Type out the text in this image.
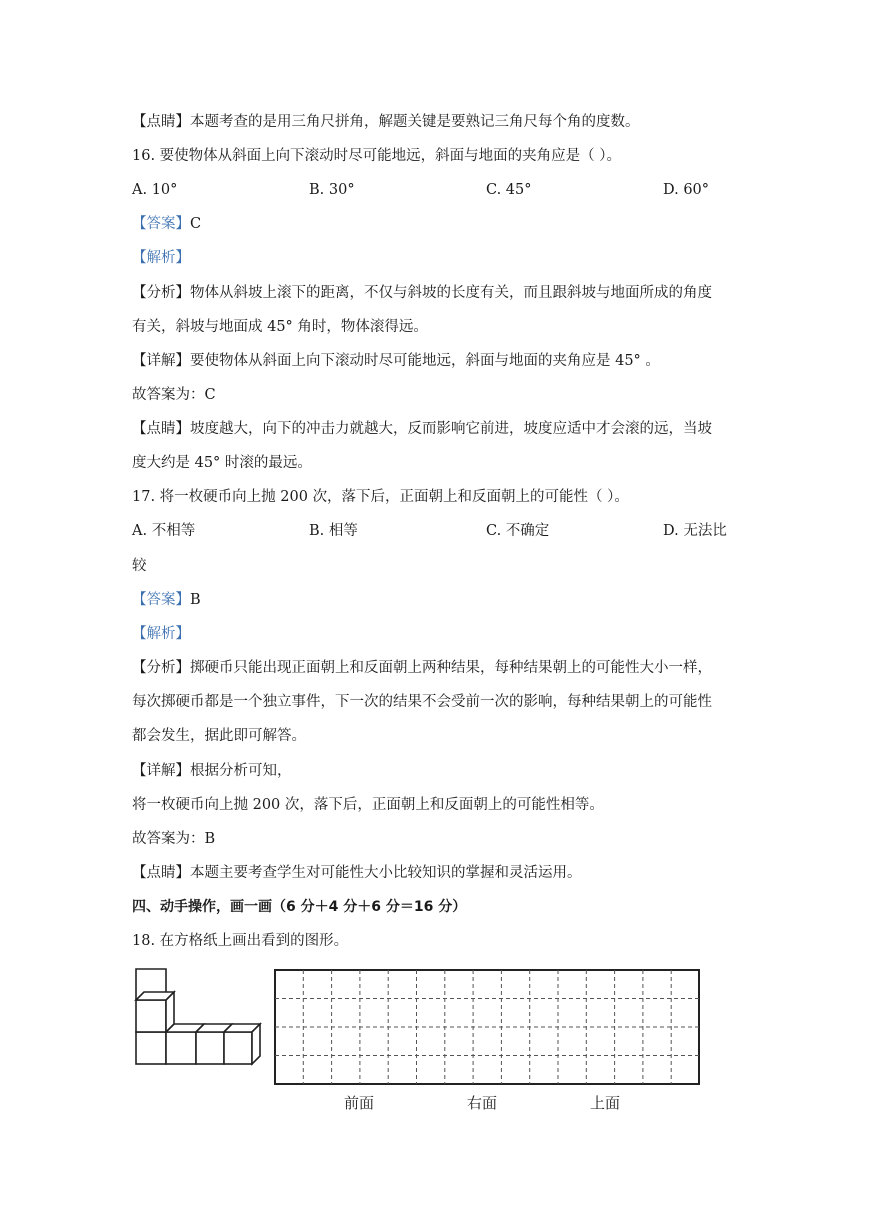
【点睛】本题考查的是用三角尺拼角，解题关键是要熟记三角尺每个角的度数。
16. 要使物体从斜面上向下滚动时尽可能地远，斜面与地面的夹角应是（ ）。
A. 10°	B. 30°	C. 45°	D. 60°
【答案】C
【解析】
【分析】物体从斜坡上滚下的距离，不仅与斜坡的长度有关，而且跟斜坡与地面所成的角度
有关，斜坡与地面成 45° 角时，物体滚得远。
【详解】要使物体从斜面上向下滚动时尽可能地远，斜面与地面的夹角应是 45° 。
故答案为：C
【点睛】坡度越大，向下的冲击力就越大，反而影响它前进，坡度应适中才会滚的远，当坡
度大约是 45° 时滚的最远。
17. 将一枚硬币向上抛 200 次，落下后，正面朝上和反面朝上的可能性（ ）。
A. 不相等	B. 相等	C. 不确定	D. 无法比
较
【答案】B
【解析】
【分析】掷硬币只能出现正面朝上和反面朝上两种结果，每种结果朝上的可能性大小一样，
每次掷硬币都是一个独立事件，下一次的结果不会受前一次的影响，每种结果朝上的可能性
都会发生，据此即可解答。
【详解】根据分析可知，
将一枚硬币向上抛 200 次，落下后，正面朝上和反面朝上的可能性相等。
故答案为：B
【点睛】本题主要考查学生对可能性大小比较知识的掌握和灵活运用。
四、动手操作，画一画（6 分＋4 分＋6 分＝16 分）
18. 在方格纸上画出看到的图形。
前面	右面	上面
